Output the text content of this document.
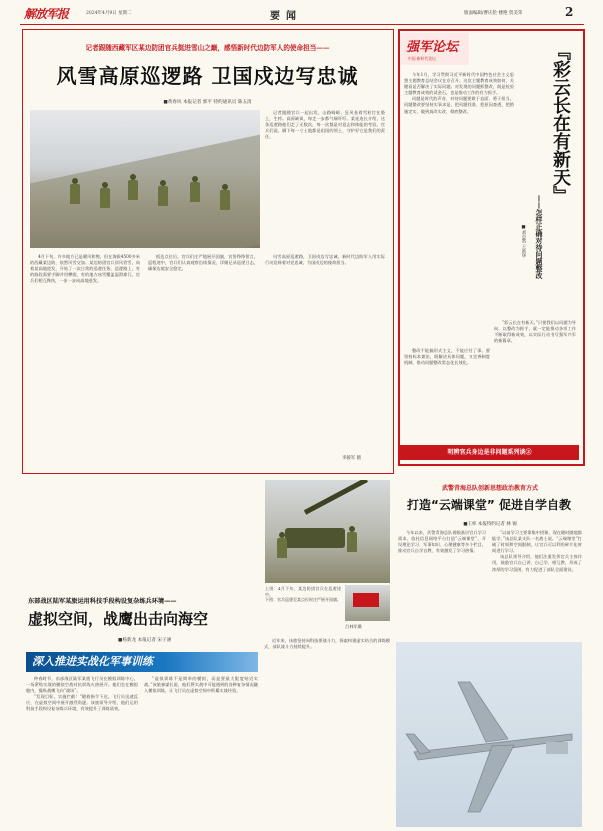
解放军报	2024年4月9日 星期二	要闻	版面编辑/曹庆伦 楼艳 贺美荣	2
记者跟随西藏军区某边防团官兵挺进雪山之巅，感悟新时代边防军人的使命担当——
风雪高原巡逻路 卫国戍边写忠诚
■黄春风 本报记者 郭平 特约通讯员 陈五清

记者跟随官兵一起出发。山路崎岖，狂风卷着雪粒打在脸上，生疼。高原缺氧，每走一步都气喘吁吁。某连连长介绍，这条巡逻路他们走了无数次，每一次都是对意志和体能的考验。官兵们说，脚下每一寸土地都是祖国的领土，守护好它是我们的责任。

4月下旬，许多地方已是暖风和煦，但在海拔4500多米的西藏某边防，依然风雪交加。某边防团官兵顶风冒雪，向着某高地进发，开始了一次日常的巡逻任务。巡逻路上，有的路段需要手脚并用攀爬，有的地方冰雪覆盖湿滑难行。官兵们相互搀扶，一步一步向高地进发。

抵达点位后，官兵们庄严地展开国旗，宣誓铮铮誓言。返程途中，官兵们认真观察沿线情况，详细记录巡逻日志，确保边境安全稳定。

风雪高原巡逻路，卫国戍边写忠诚。新时代边防军人用实际行动诠释着对党忠诚、为国戍边的使命担当。

李骏军 摄
强军论坛
中国·新时代论坛	『彩云长在有新天』
——怎样正确对待问题整改
■刘卓然 王新华

今年1月，学习贯彻习近平新时代中国特色社会主义思想主题教育总结会议在京召开。这次主题教育成效如何，关键看是否解决了实际问题。对发现的问题抓整改，既是检验主题教育成效的试金石，也是推动工作的有力抓手。

问题是时代的声音，对待问题要敢于直面、勇于担当。问题整改要坚持实事求是，把问题找准、把原因查透、把措施定实，做到真改实改、彻底整改。

整改不能搞形式主义，不能应付了事。要坚持标本兼治，既解决具体问题，又完善制度机制，推动问题整改常态化长效化。

“彩云长在有新天。”只要我们以问题为导向、以整改为抓手，就一定能推动各项工作不断取得新成效，以实际行动书写强军兴军的新篇章。

明辨官兵身边是非问题系列谈②
上图：4月下旬，某边防团官兵在巡逻途中。
下图：官兵巡逻至某点位时庄严展开国旗。
吕林军摄
东部战区陆军某旅运用科技手段构设复杂练兵环境——
虚拟空间，战鹰出击向海空
■杨新龙 本报记者 宋子涵
深入推进实战化军事训练

仲春时节，东部战区陆军某旅飞行员在模拟训练中心，一场紧贴实战的模拟空战对抗训练火热展开。他们坐在模拟舱内，操纵战鹰飞向“战场”。

“发现目标，实施拦截！”随着指令下达，飞行员迅速反应，在虚拟空间中展开激烈角逐。该旅领导介绍，他们运用科技手段构设复杂练兵环境，有效提升了训练质效。

“虚拟训练不是简单的模拟，而是要最大限度贴近实战。”该旅参谋长说，他们将实战中可能遇到的各种复杂情况融入模拟训练，让飞行员在虚拟空间中积累实战经验。

近年来，该旅坚持向科技要战斗力，探索构建虚实结合的训练模式，部队战斗力持续提升。

武警青海总队创新思想政治教育方式
打造“云端课堂” 促进自学自教
■王梓 本报特约记者 林 锡

今年以来，武警青海总队着眼基层官兵学习需求，依托信息网络平台打造“云端课堂”，开设理论学习、军事知识、心理健康等多个栏目，推动官兵自学自教，有效激发了学习热情。

“以前学习主要靠集中授课，现在随时随地都能学。”该总队某支队一名战士说。“云端课堂”打破了时间和空间限制，让官兵可以利用碎片化时间进行学习。

该总队领导介绍，他们注重发挥官兵主体作用，鼓励官兵自己讲、自己学、相互教，形成了浓厚的学习氛围，有力促进了部队全面建设。
